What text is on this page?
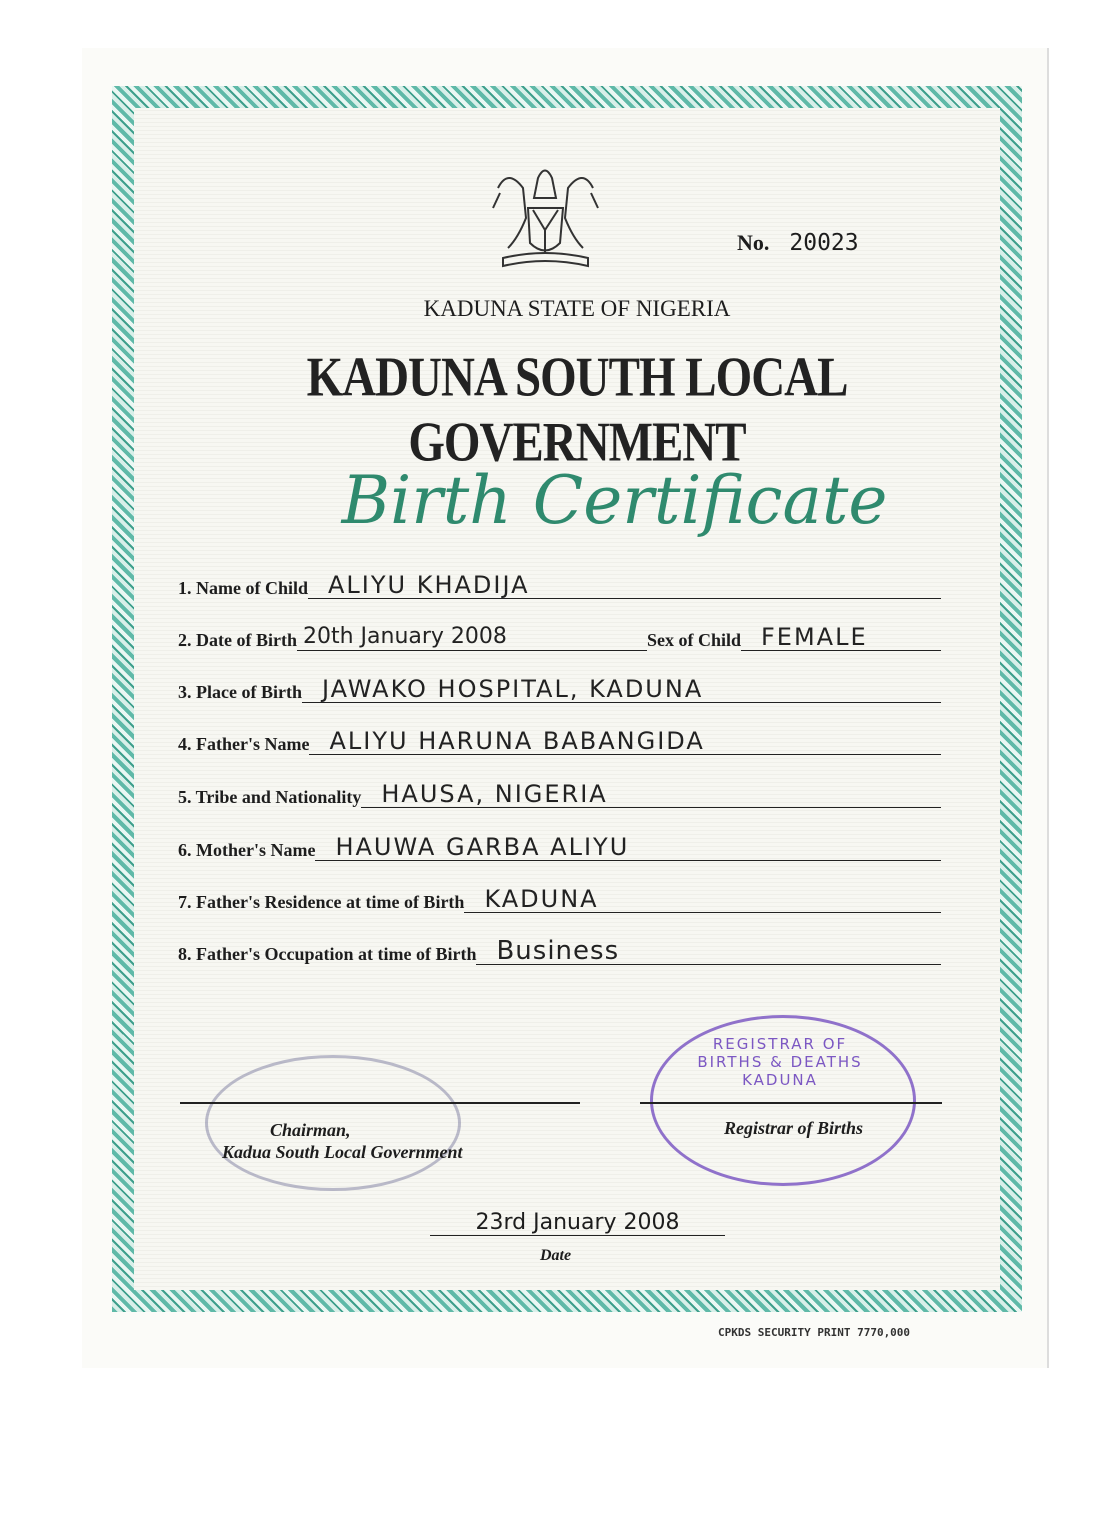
No. 20023
KADUNA STATE OF NIGERIA
KADUNA SOUTH LOCAL GOVERNMENT
Birth Certificate
1. Name of Child ALIYU KHADIJA
2. Date of Birth 20th January 2008	Sex of Child FEMALE
3. Place of Birth JAWAKO HOSPITAL, KADUNA
4. Father's Name ALIYU HARUNA BABANGIDA
5. Tribe and Nationality HAUSA, NIGERIA
6. Mother's Name HAUWA GARBA ALIYU
7. Father's Residence at time of Birth KADUNA
8. Father's Occupation at time of Birth Business
Chairman,
Kadua South Local Government
REGISTRAR OF BIRTHS & DEATHS KADUNA
Registrar of Births
23rd January 2008
Date
CPKDS SECURITY PRINT 7770,000
